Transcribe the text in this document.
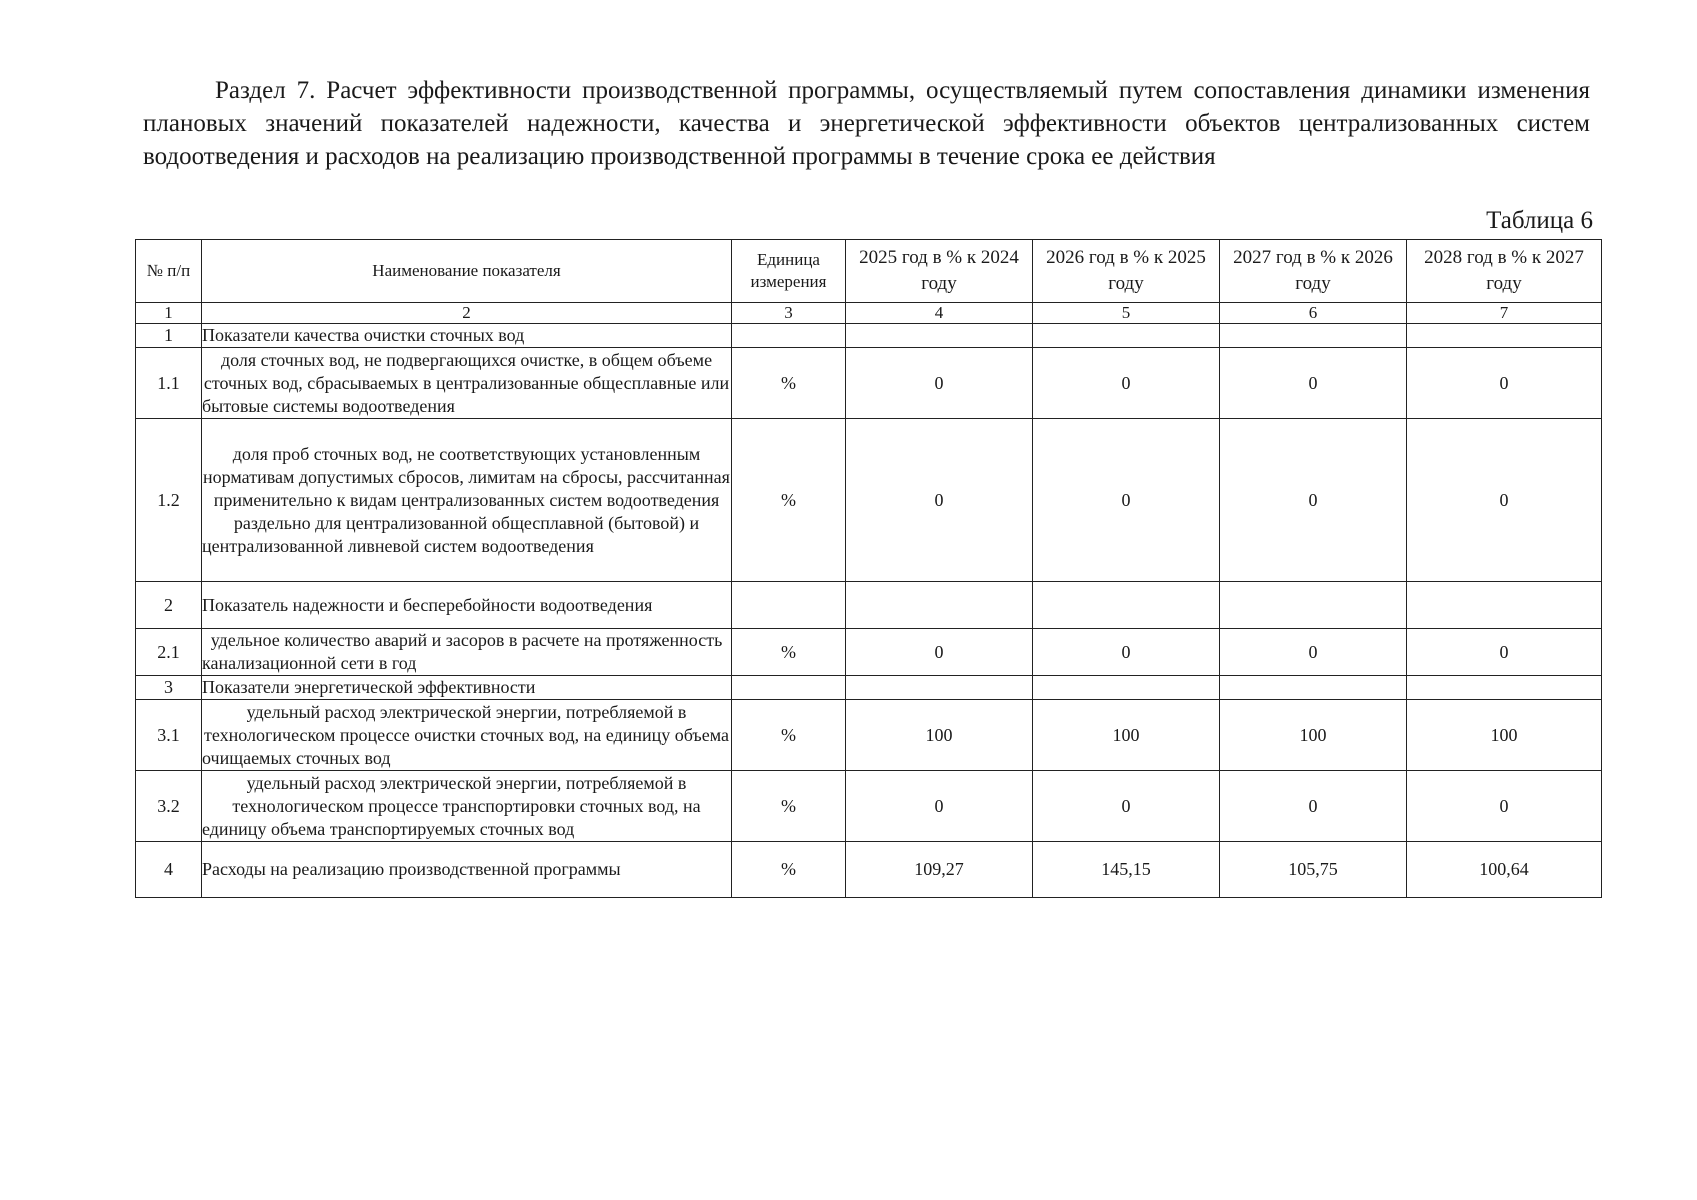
Раздел 7. Расчет эффективности производственной программы, осуществляемый путем сопоставления динамики изменения плановых значений показателей надежности, качества и энергетической эффективности объектов централизованных систем водоотведения и расходов на реализацию производственной программы в течение срока ее действия

Таблица 6

№ п/п	Наименование показателя	Единица измерения	2025 год в % к 2024 году	2026 год в % к 2025 году	2027 год в % к 2026 году	2028 год в % к 2027 году
1	2	3	4	5	6	7
1	Показатели качества очистки сточных вод					
1.1	доля сточных вод, не подвергающихся очистке, в общем объеме сточных вод, сбрасываемых в централизованные общесплавные или бытовые системы водоотведения	%	0	0	0	0
1.2	доля проб сточных вод, не соответствующих установленным нормативам допустимых сбросов, лимитам на сбросы, рассчитанная применительно к видам централизованных систем водоотведения раздельно для централизованной общесплавной (бытовой) и централизованной ливневой систем водоотведения	%	0	0	0	0
2	Показатель надежности и бесперебойности водоотведения					
2.1	удельное количество аварий и засоров в расчете на протяженность канализационной сети в год	%	0	0	0	0
3	Показатели энергетической эффективности					
3.1	удельный расход электрической энергии, потребляемой в технологическом процессе очистки сточных вод, на единицу объема очищаемых сточных вод	%	100	100	100	100
3.2	удельный расход электрической энергии, потребляемой в технологическом процессе транспортировки сточных вод, на единицу объема транспортируемых сточных вод	%	0	0	0	0
4	Расходы на реализацию производственной программы	%	109,27	145,15	105,75	100,64
